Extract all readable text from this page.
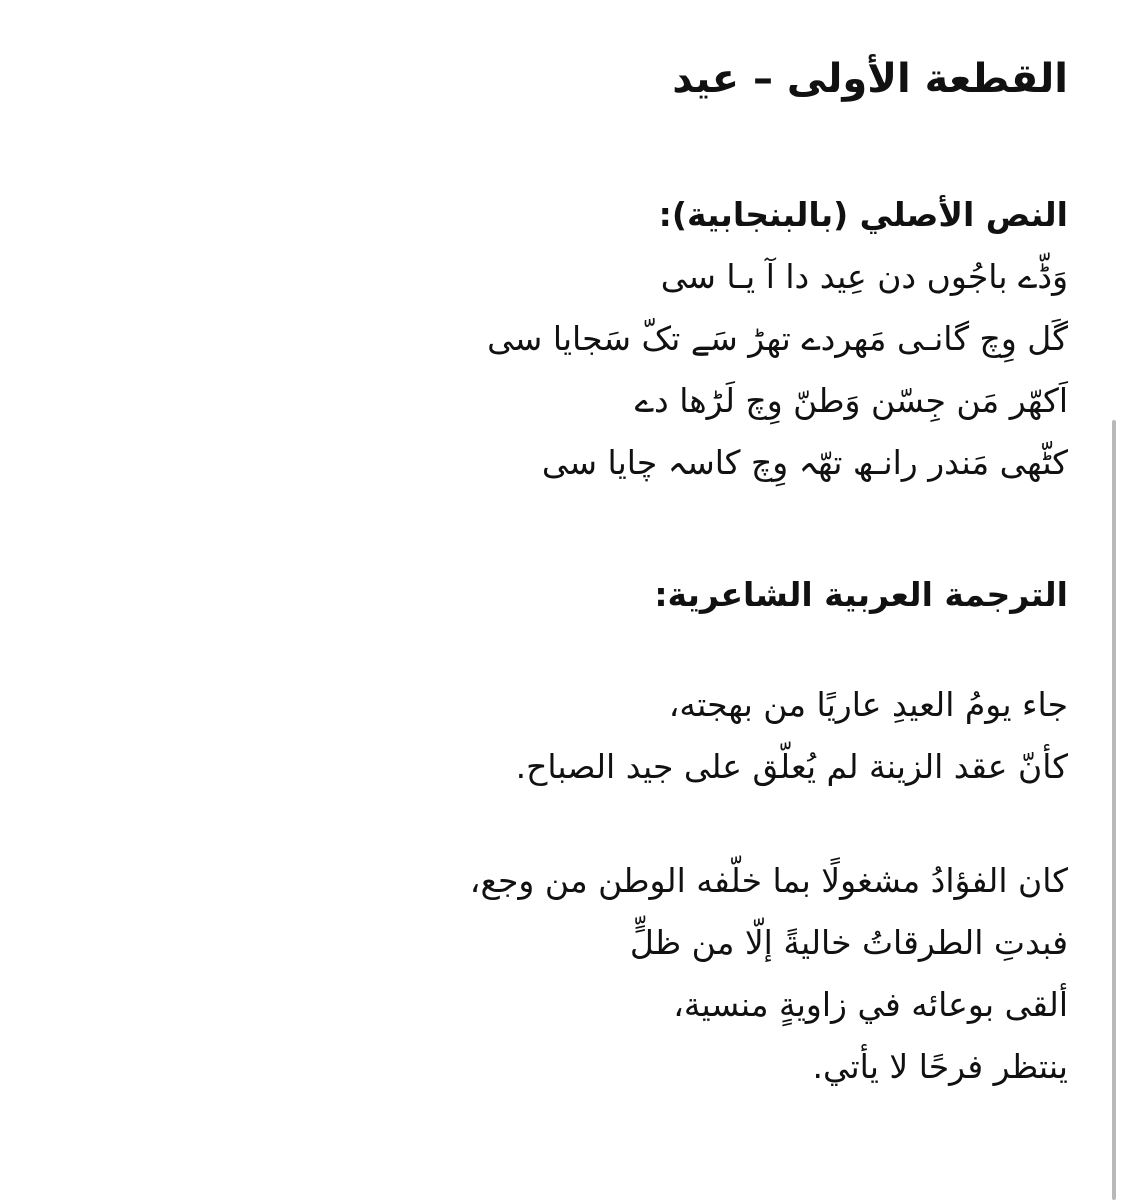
القطعة الأولى – عيد
النص الأصلي (بالبنجابية):

وَڈّے باجُوں دن عِید دا آ یـا سی

گَل وِچ گانـی مَھردے تھڑ سَے تکّ سَجایا سی

اَکھّر مَن جِسّن وَطنّ وِچ لَڑھا دے

کٹّھی مَندر رانـھ تھّہ وِچ کاسہ چایا سی

الترجمة العربية الشاعرية:

جاء يومُ العيدِ عاريًا من بهجته،

كأنّ عقد الزينة لم يُعلّق على جيد الصباح.

كان الفؤادُ مشغولًا بما خلّفه الوطن من وجع،

فبدتِ الطرقاتُ خاليةً إلّا من ظلٍّ

ألقى بوعائه في زاويةٍ منسية،

ينتظر فرحًا لا يأتي.
